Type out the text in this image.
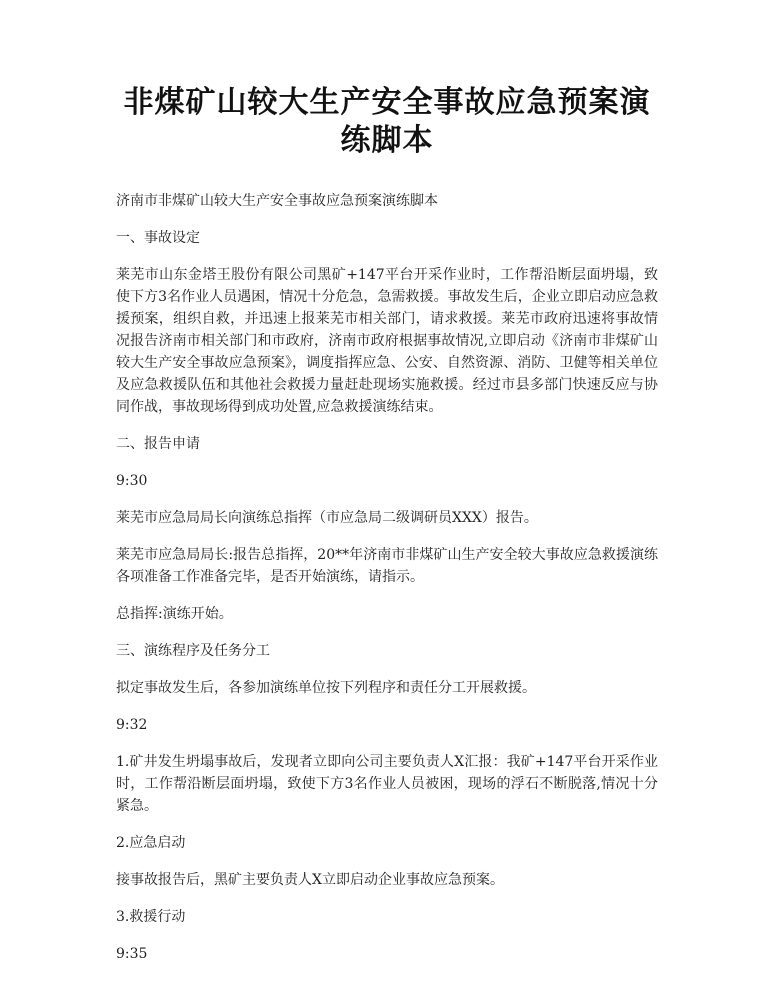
非煤矿山较大生产安全事故应急预案演练脚本

济南市非煤矿山较大生产安全事故应急预案演练脚本

一、事故设定

莱芜市山东金塔王股份有限公司黑矿+147平台开采作业时，工作帮沿断层面坍塌，致使下方3名作业人员遇困，情况十分危急，急需救援。事故发生后，企业立即启动应急救援预案，组织自救，并迅速上报莱芜市相关部门，请求救援。莱芜市政府迅速将事故情况报告济南市相关部门和市政府，济南市政府根据事故情况,立即启动《济南市非煤矿山较大生产安全事故应急预案》，调度指挥应急、公安、自然资源、消防、卫健等相关单位及应急救援队伍和其他社会救援力量赶赴现场实施救援。经过市县多部门快速反应与协同作战，事故现场得到成功处置,应急救援演练结束。

二、报告申请

9:30

莱芜市应急局局长向演练总指挥（市应急局二级调研员XXX）报告。

莱芜市应急局局长:报告总指挥，20**年济南市非煤矿山生产安全较大事故应急救援演练各项准备工作准备完毕，是否开始演练，请指示。

总指挥:演练开始。

三、演练程序及任务分工

拟定事故发生后，各参加演练单位按下列程序和责任分工开展救援。

9:32

1.矿井发生坍塌事故后，发现者立即向公司主要负责人X汇报：我矿+147平台开采作业时，工作帮沿断层面坍塌，致使下方3名作业人员被困，现场的浮石不断脱落,情况十分紧急。

2.应急启动

接事故报告后，黑矿主要负责人X立即启动企业事故应急预案。

3.救援行动

9:35
